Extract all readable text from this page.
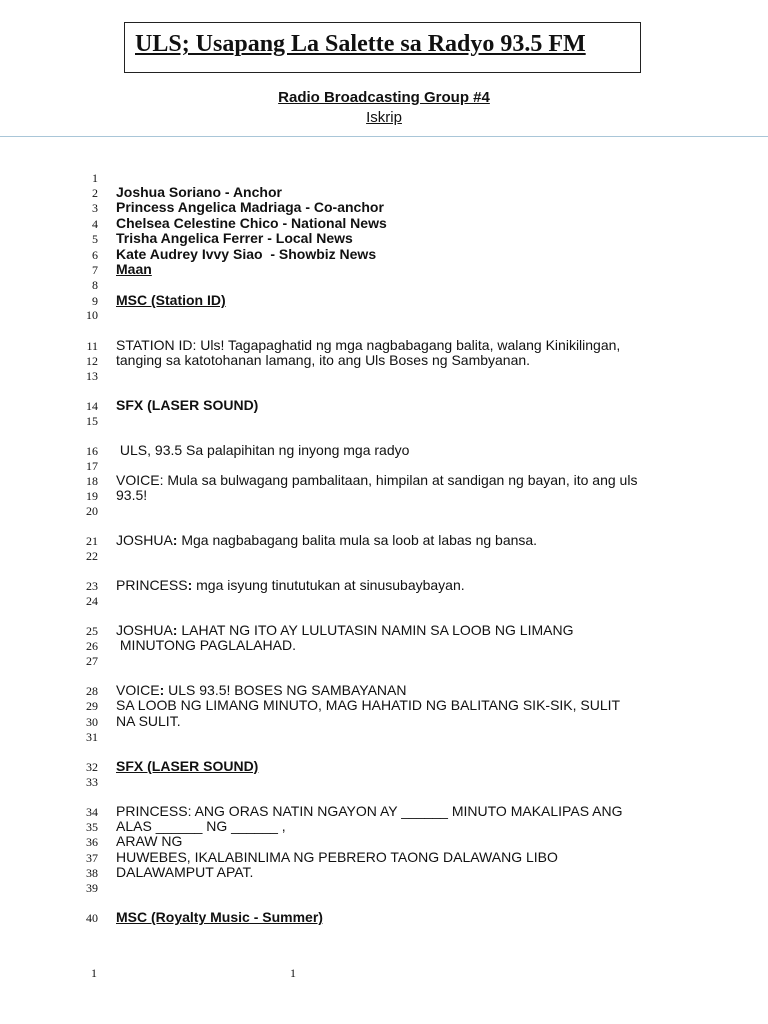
ULS; Usapang La Salette sa Radyo 93.5 FM
Radio Broadcasting Group #4
Iskrip
1
2
3
4
5
6
7
8
9
10
11
12
13
14
15
16
17
18
19
20
21
22
23
24
25
26
27
28
29
30
31
32
33
34
35
36
37
38
39
40
Joshua Soriano - Anchor
Princess Angelica Madriaga - Co-anchor
Chelsea Celestine Chico - National News
Trisha Angelica Ferrer - Local News
Kate Audrey Ivvy Siao  - Showbiz News
Maan
MSC (Station ID)
STATION ID: Uls! Tagapaghatid ng mga nagbabagang balita, walang Kinikilingan,
tanging sa katotohanan lamang, ito ang Uls Boses ng Sambyanan.
SFX (LASER SOUND)
ULS, 93.5 Sa palapihitan ng inyong mga radyo
VOICE: Mula sa bulwagang pambalitaan, himpilan at sandigan ng bayan, ito ang uls
93.5!
JOSHUA: Mga nagbabagang balita mula sa loob at labas ng bansa.
PRINCESS: mga isyung tinututukan at sinusubaybayan.
JOSHUA: LAHAT NG ITO AY LULUTASIN NAMIN SA LOOB NG LIMANG
MINUTONG PAGLALAHAD.
VOICE: ULS 93.5! BOSES NG SAMBAYANAN
SA LOOB NG LIMANG MINUTO, MAG HAHATID NG BALITANG SIK-SIK, SULIT
NA SULIT.
SFX (LASER SOUND)
PRINCESS: ANG ORAS NATIN NGAYON AY ______ MINUTO MAKALIPAS ANG
ALAS ______ NG ______ ,
ARAW NG
HUWEBES, IKALABINLIMA NG PEBRERO TAONG DALAWANG LIBO
DALAWAMPUT APAT.
MSC (Royalty Music - Summer)
1	1
